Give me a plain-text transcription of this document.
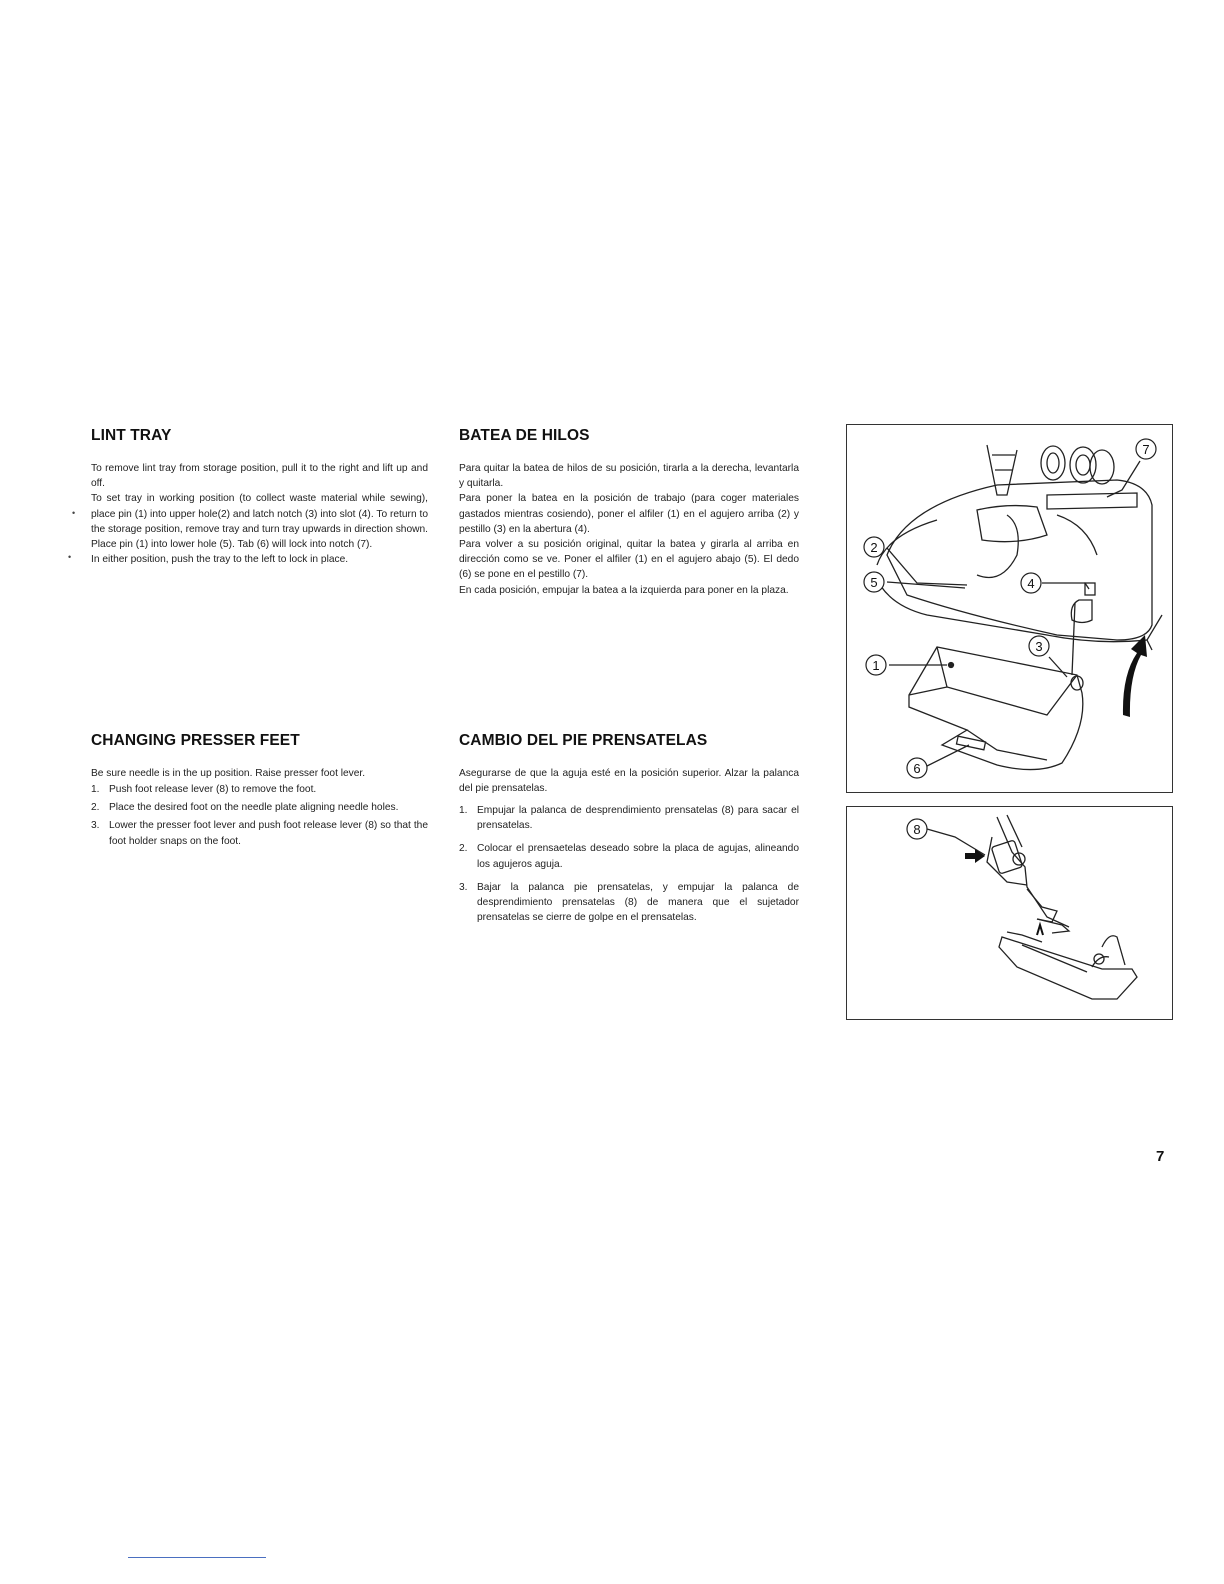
LINT TRAY

To remove lint tray from storage position, pull it to the right and lift up and off.

To set tray in working position (to collect waste material while sewing), place pin (1) into upper hole(2) and latch notch (3) into slot (4). To return to the storage position, remove tray and turn tray upwards in direction shown. Place pin (1) into lower hole (5). Tab (6) will lock into notch (7).

In either position, push the tray to the left to lock in place.

•
•
BATEA DE HILOS

Para quitar la batea de hilos de su posición, tirarla a la derecha, levantarla y quitarla.

Para poner la batea en la posición de trabajo (para coger materiales gastados mientras cosiendo), poner el alfiler (1) en el agujero arriba (2) y pestillo (3) en la abertura (4).

Para volver a su posición original, quitar la batea y girarla al arriba en dirección como se ve. Poner el alfiler (1) en el agujero abajo (5). El dedo (6) se pone en el pestillo (7).

En cada posición, empujar la batea a la izquierda para poner en la plaza.

CHANGING PRESSER FEET
Be sure needle is in the up position. Raise presser foot lever.
1. Push foot release lever (8) to remove the foot.
2. Place the desired foot on the needle plate aligning needle holes.
3. Lower the presser foot lever and push foot release lever (8) so that the foot holder snaps on the foot.
CAMBIO DEL PIE PRENSATELAS
Asegurarse de que la aguja esté en la posición superior. Alzar la palanca del pie prensatelas.
1. Empujar la palanca de desprendimiento prensatelas (8) para sacar el prensatelas.
2. Colocar el prensaetelas deseado sobre la placa de agujas, alineando los agujeros aguja.
3. Bajar la palanca pie prensatelas, y empujar la palanca de desprendimiento prensatelas (8) de manera que el sujetador prensatelas se cierre de golpe en el prensatelas.
1
2
3
4
5
6
7
8
7
